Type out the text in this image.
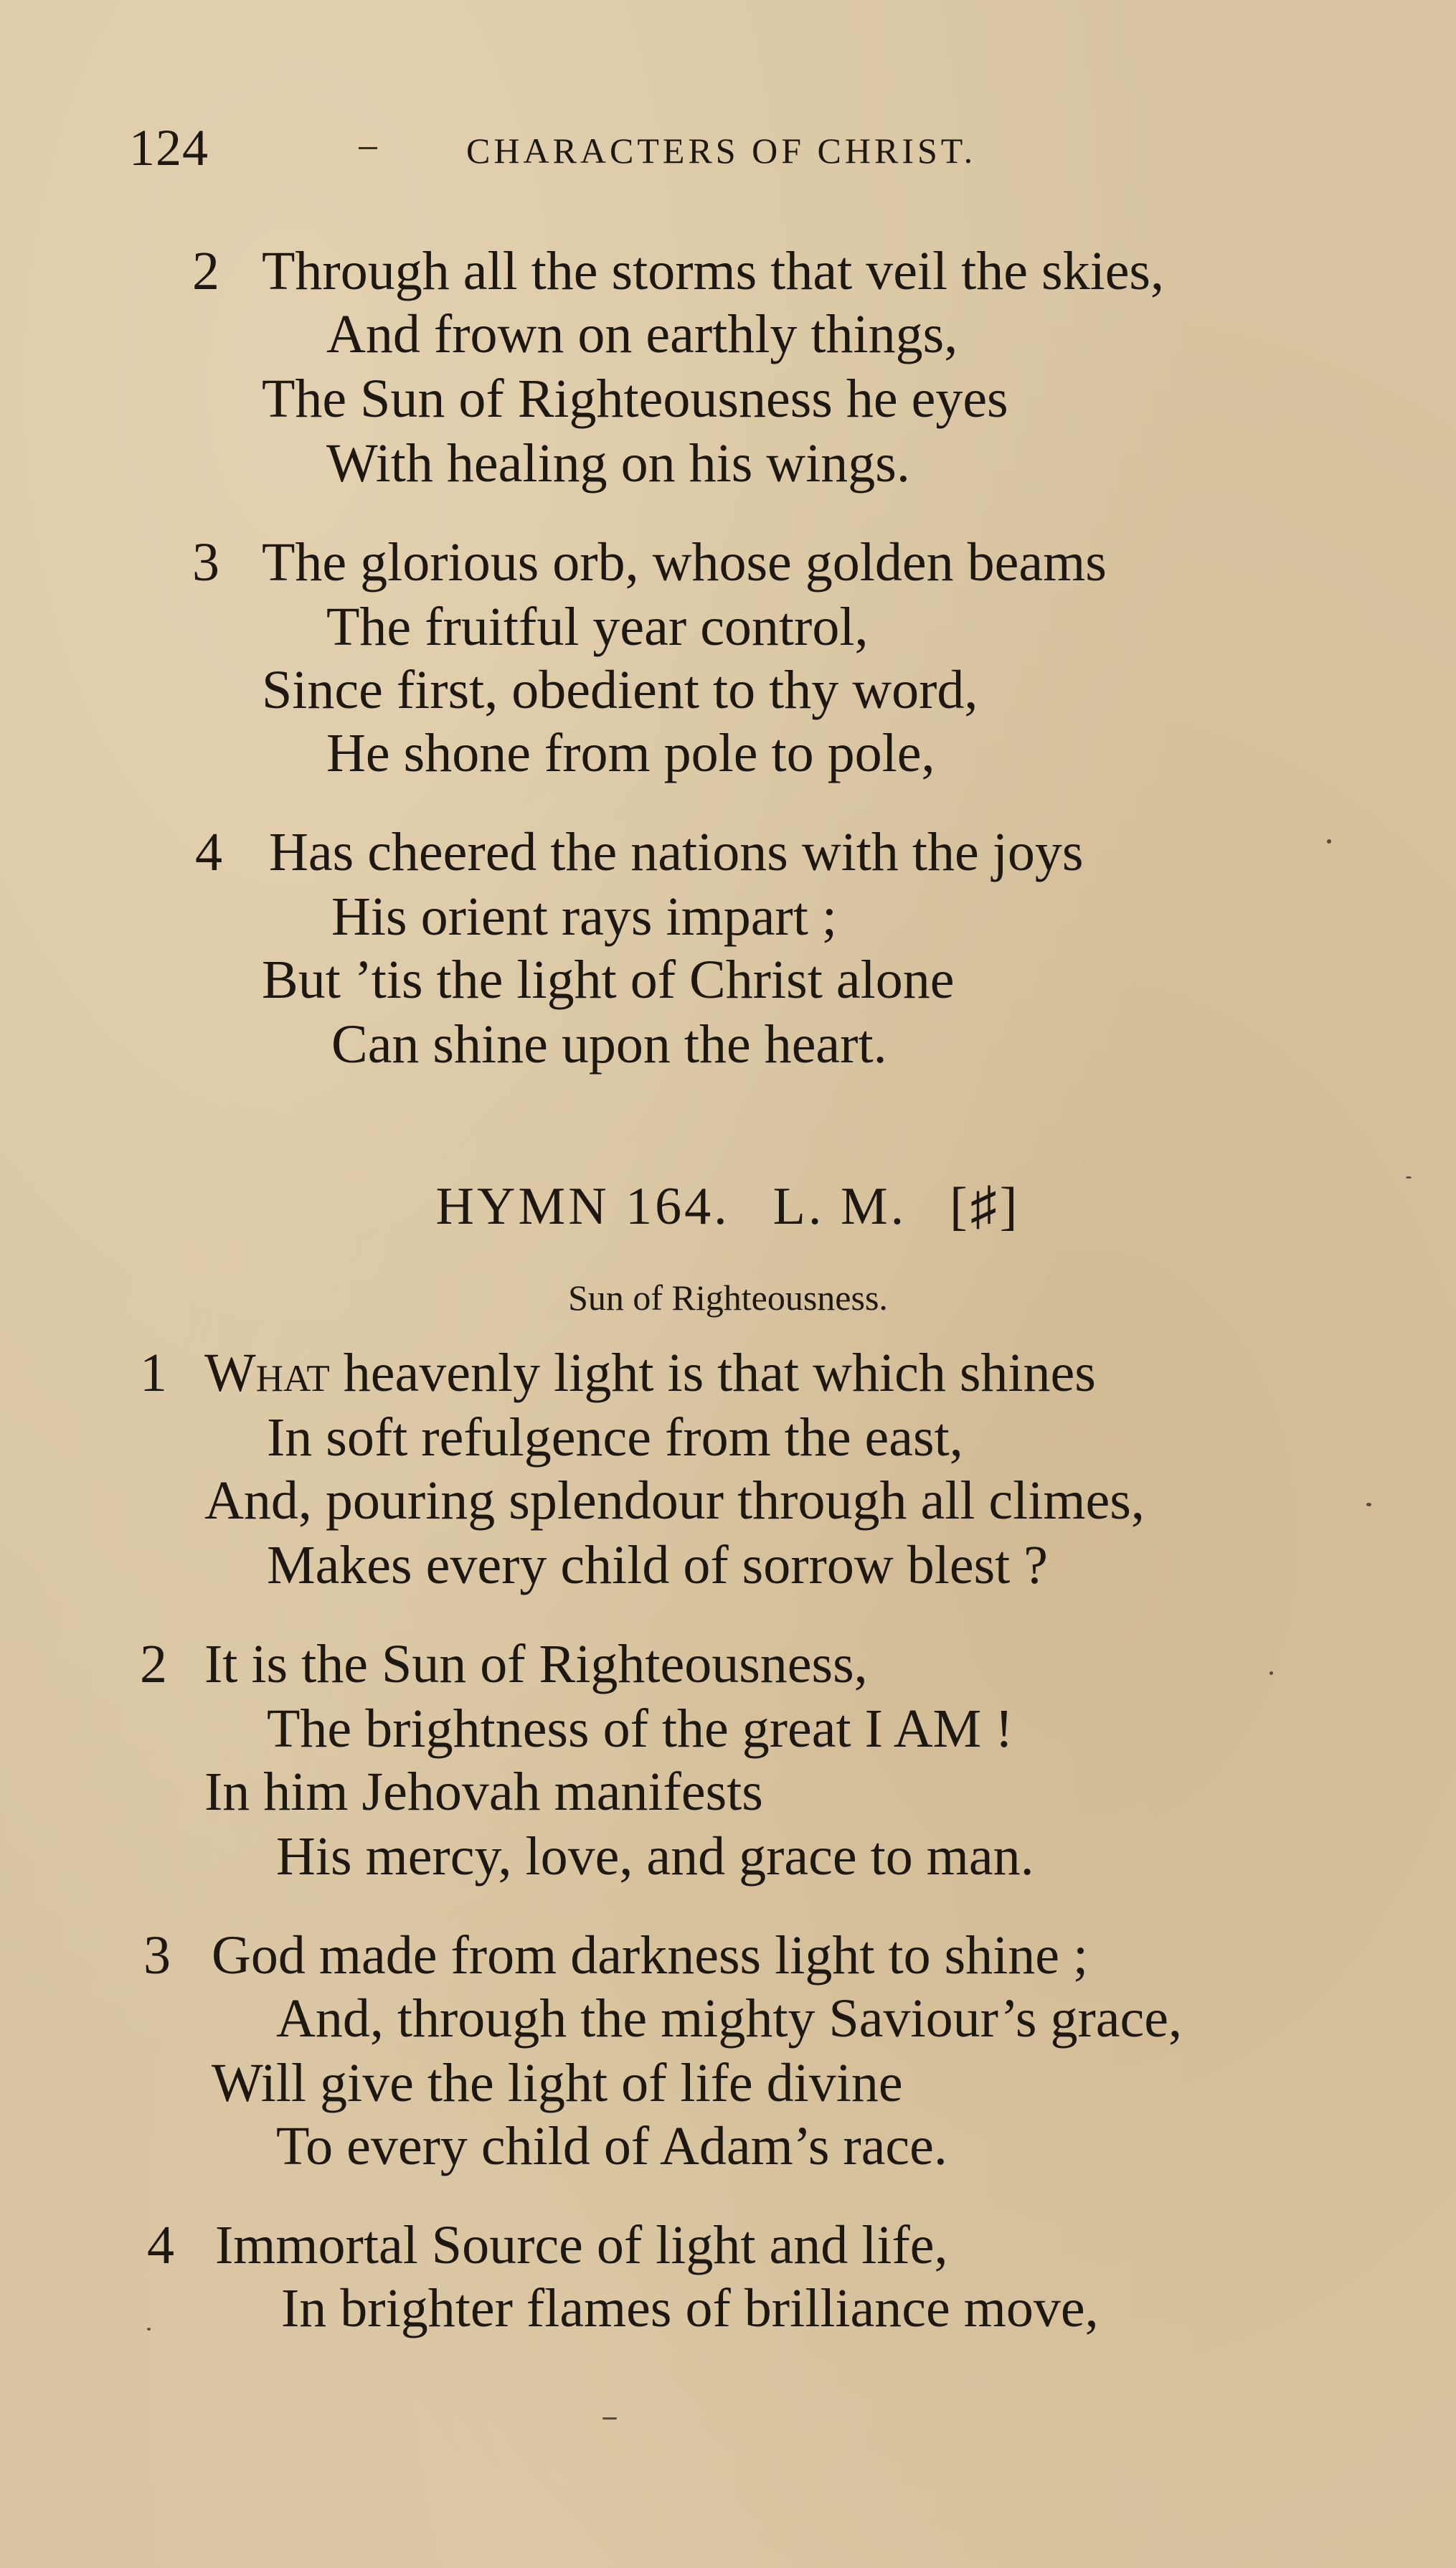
124	CHARACTERS OF CHRIST.
2 Through all the storms that veil the skies,
And frown on earthly things,
The Sun of Righteousness he eyes
With healing on his wings.
3 The glorious orb, whose golden beams
The fruitful year control,
Since first, obedient to thy word,
He shone from pole to pole,
4 Has cheered the nations with the joys
His orient rays impart ;
But ’tis the light of Christ alone
Can shine upon the heart.
HYMN 164. L. M. [♯]
Sun of Righteousness.
1 What heavenly light is that which shines
In soft refulgence from the east,
And, pouring splendour through all climes,
Makes every child of sorrow blest ?
2 It is the Sun of Righteousness,
The brightness of the great I AM !
In him Jehovah manifests
His mercy, love, and grace to man.
3 God made from darkness light to shine ;
And, through the mighty Saviour’s grace,
Will give the light of life divine
To every child of Adam’s race.
4 Immortal Source of light and life,
In brighter flames of brilliance move,
